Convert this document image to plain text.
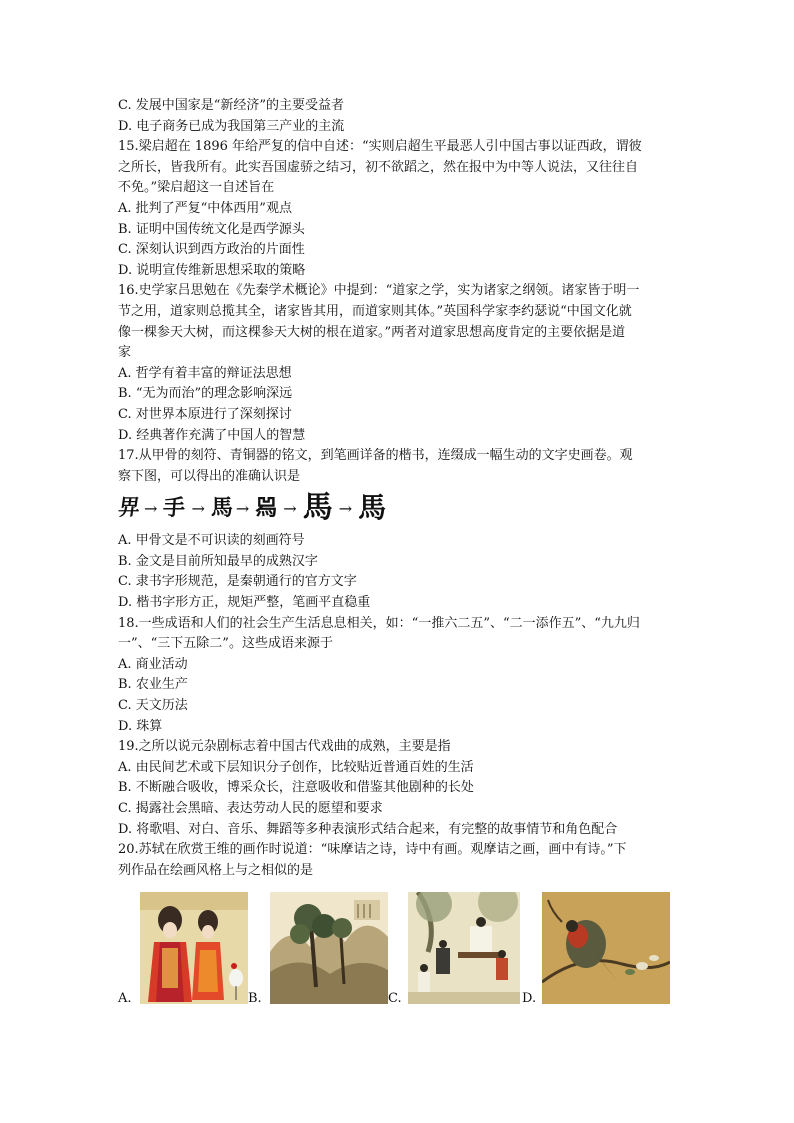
C. 发展中国家是“新经济”的主要受益者
D. 电子商务已成为我国第三产业的主流
15.梁启超在 1896 年给严复的信中自述：“实则启超生平最恶人引中国古事以证西政，谓彼
之所长，皆我所有。此实吾国虚骄之结习，初不欲蹈之，然在报中为中等人说法，又往往自
不免。”梁启超这一自述旨在
A. 批判了严复“中体西用”观点
B. 证明中国传统文化是西学源头
C. 深刻认识到西方政治的片面性
D. 说明宣传维新思想采取的策略
16.史学家吕思勉在《先秦学术概论》中提到：“道家之学，实为诸家之纲领。诸家皆于明一
节之用，道家则总揽其全，诸家皆其用，而道家则其体。”英国科学家李约瑟说“中国文化就
像一棵参天大树，而这棵参天大树的根在道家。”两者对道家思想高度肯定的主要依据是道
家
A. 哲学有着丰富的辩证法思想
B. “无为而治”的理念影响深远
C. 对世界本原进行了深刻探讨
D. 经典著作充满了中国人的智慧
17.从甲骨的刻符、青铜器的铭文，到笔画详备的楷书，连缀成一幅生动的文字史画卷。观
察下图，可以得出的准确认识是
𢌿 → 手 → 馬 → 𤉡 → 馬 → 馬
A. 甲骨文是不可识读的刻画符号
B. 金文是目前所知最早的成熟汉字
C. 隶书字形规范，是秦朝通行的官方文字
D. 楷书字形方正，规矩严整，笔画平直稳重
18.一些成语和人们的社会生产生活息息相关，如：“一推六二五”、“二一添作五”、“九九归
一”、“三下五除二”。这些成语来源于
A. 商业活动
B. 农业生产
C. 天文历法
D. 珠算
19.之所以说元杂剧标志着中国古代戏曲的成熟，主要是指
A. 由民间艺术或下层知识分子创作，比较贴近普通百姓的生活
B. 不断融合吸收，博采众长，注意吸收和借鉴其他剧种的长处
C. 揭露社会黑暗、表达劳动人民的愿望和要求
D. 将歌唱、对白、音乐、舞蹈等多种表演形式结合起来，有完整的故事情节和角色配合
20.苏轼在欣赏王维的画作时说道：“味摩诘之诗，诗中有画。观摩诘之画，画中有诗。”下
列作品在绘画风格上与之相似的是
A.	B.	C.	D.
